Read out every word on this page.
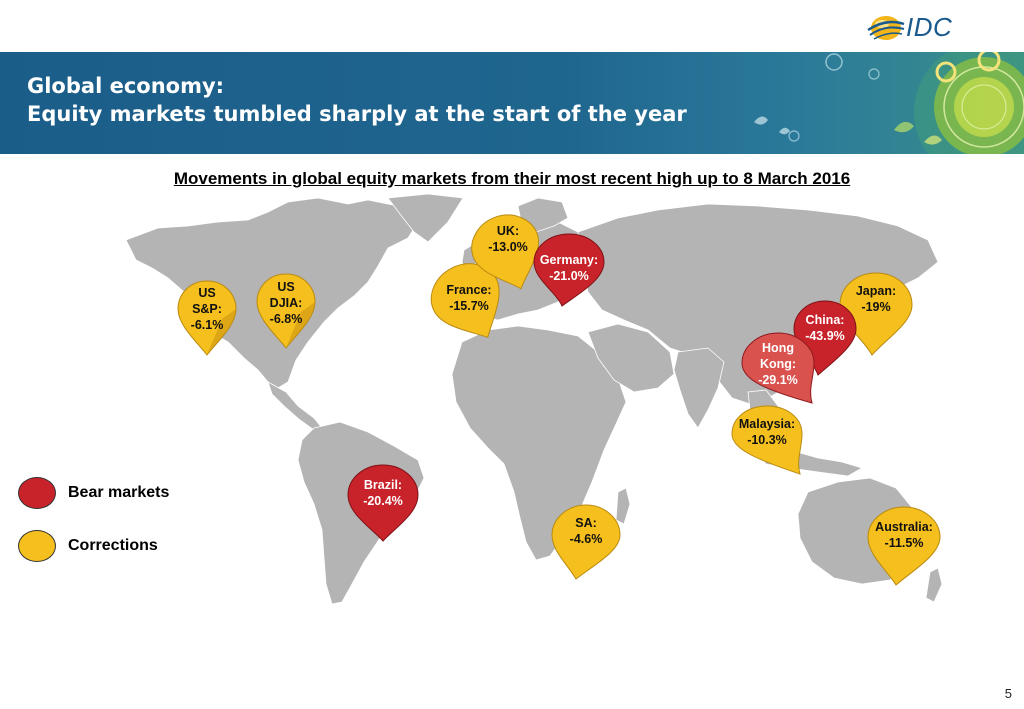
IDC
Global economy:
Equity markets tumbled sharply at the start of the year
Movements in global equity markets from their most recent high up to 8 March 2016
US
S&P:
-6.1%
US
DJIA:
-6.8%
France:
-15.7%
UK:
-13.0%
Germany:
-21.0%
Japan:
-19%
China:
-43.9%
Hong
Kong:
-29.1%
Malaysia:
-10.3%
Brazil:
-20.4%
SA:
-4.6%
Australia:
-11.5%
Bear markets
Corrections
5
